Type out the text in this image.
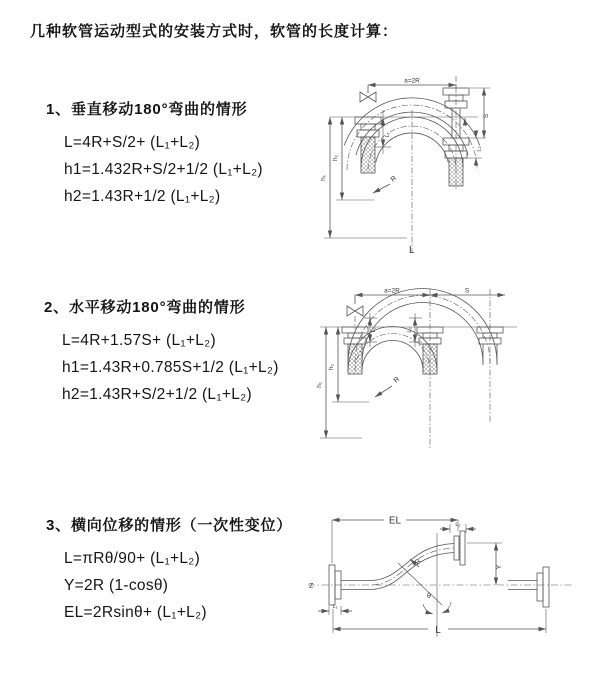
几种软管运动型式的安装方式时，软管的长度计算：
1、垂直移动180°弯曲的情形
L=4R+S/2+ (L₁+L₂)
h1=1.432R+S/2+1/2 (L₁+L₂)
h2=1.43R+1/2 (L₁+L₂)
2、水平移动180°弯曲的情形
L=4R+1.57S+ (L₁+L₂)
h1=1.43R+0.785S+1/2 (L₁+L₂)
h2=1.43R+S/2+1/2 (L₁+L₂)
3、横向位移的情形（一次性变位）
L=πRθ/90+ (L₁+L₂)
Y=2R (1-cosθ)
EL=2Rsinθ+ (L₁+L₂)
a=2R
L₁
S
L₂
h₁
h₂
R
L
a=2R	S
L₁	L₂
h₁
h₂
R
EL	L₂
Y
R
θ
Z
L
L₁
